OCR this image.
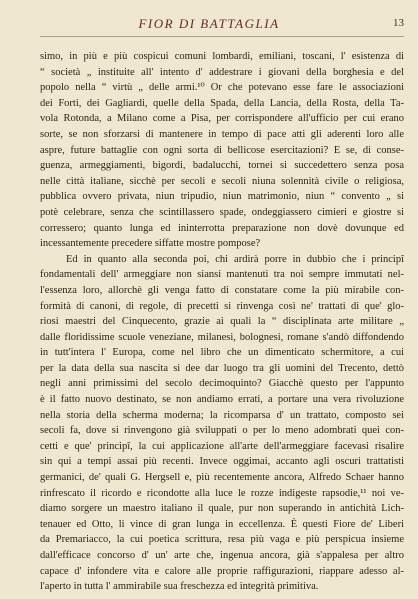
FIOR DI BATTAGLIA	13
simo, in più e più cospicui comuni lombardi, emiliani, toscani, l' esistenza di
“ società „ instituite all' intento d' addestrare i giovani della borghesia e del
popolo nella “ virtù „ delle armi.¹⁰ Or che potevano esse fare le associazioni
dei Forti, dei Gagliardi, quelle della Spada, della Lancia, della Rosta, della Ta-
vola Rotonda, a Milano come a Pisa, per corrispondere all'ufficio per cui erano
sorte, se non sforzarsi di mantenere in tempo di pace atti gli aderenti loro alle
aspre, future battaglie con ogni sorta di bellicose esercitazioni? E se, di conse-
guenza, armeggiamenti, bigordi, badalucchi, tornei si succedettero senza posa
nelle città italiane, sicchè per secoli e secoli niuna solennità civile o religiosa,
pubblica ovvero privata, niun tripudio, niun matrimonio, niun “ convento „ si
potè celebrare, senza che scintillassero spade, ondeggiassero cimieri e giostre si
corressero; quanto lunga ed ininterrotta preparazione non dovè dovunque ed
incessantemente precedere siffatte mostre pompose?
Ed in quanto alla seconda poi, chi ardirà porre in dubbio che i principî
fondamentali dell' armeggiare non siansi mantenuti tra noi sempre immutati nel-
l'essenza loro, allorchè gli venga fatto di constatare come la più mirabile con-
formità di canoni, di regole, di precetti si rinvenga così ne' trattati di que' glo-
riosi maestri del Cinquecento, grazie ai quali la “ disciplinata arte militare „
dalle floridissime scuole veneziane, milanesi, bolognesi, romane s'andò diffondendo
in tutt'intera l' Europa, come nel libro che un dimenticato schermitore, a cui
per la data della sua nascita si dee dar luogo tra gli uomini del Trecento, dettò
negli anni primissimi del secolo decimoquinto? Giacchè questo per l'appunto
è il fatto nuovo destinato, se non andiamo errati, a portare una vera rivoluzione
nella storia della scherma moderna; la ricomparsa d' un trattato, composto sei
secoli fa, dove si rinvengono già sviluppati o per lo meno adombrati quei con-
cetti e que' principî, la cui applicazione all'arte dell'armeggiare facevasi risalire
sin qui a tempi assai più recenti. Invece oggimai, accanto agli oscuri trattatisti
germanici, de' quali G. Hergsell e, più recentemente ancora, Alfredo Schaer hanno
rinfrescato il ricordo e ricondotte alla luce le rozze indigeste rapsodie,¹¹ noi ve-
diamo sorgere un maestro italiano il quale, pur non superando in antichità Lich-
tenauer ed Otto, li vince di gran lunga in eccellenza. È questi Fiore de' Liberi
da Premariacco, la cui poetica scrittura, resa più vaga e più perspicua insieme
dall'efficace concorso d' un' arte che, ingenua ancora, già s'appalesa per altro
capace d' infondere vita e calore alle proprie raffigurazioni, riappare adesso al-
l'aperto in tutta l' ammirabile sua freschezza ed integrità primitiva.
